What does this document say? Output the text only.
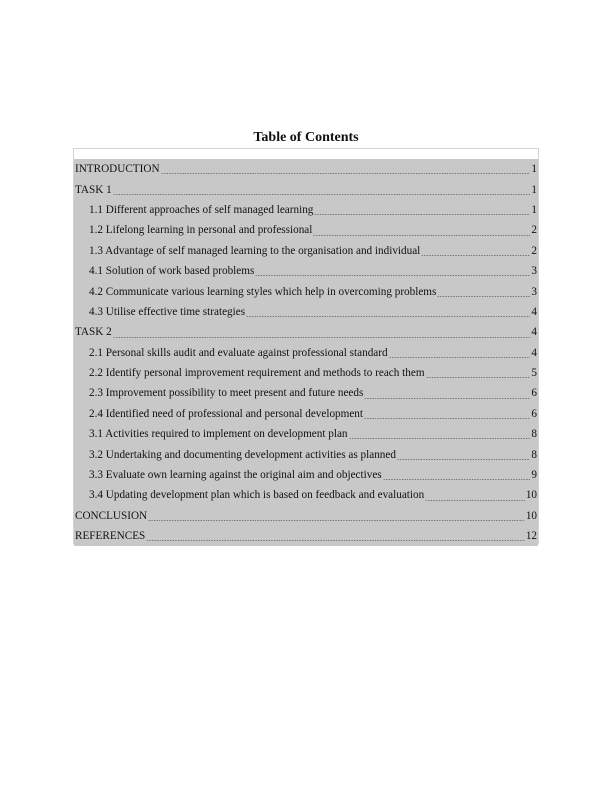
Table of Contents
INTRODUCTION	1
TASK 1	1
1.1 Different approaches of self managed learning	1
1.2 Lifelong learning in personal and professional	2
1.3 Advantage of self managed learning to the organisation and individual	2
4.1 Solution of work based problems	3
4.2 Communicate various learning styles which help in overcoming problems	3
4.3 Utilise effective time strategies	4
TASK 2	4
2.1 Personal skills audit and evaluate against professional standard	4
2.2 Identify personal improvement requirement and methods to reach them	5
2.3 Improvement possibility to meet present and future needs	6
2.4 Identified need of professional and personal development	6
3.1 Activities required to implement on development plan	8
3.2 Undertaking and documenting development activities as planned	8
3.3 Evaluate own learning against the original aim and objectives	9
3.4 Updating development plan which is based on feedback and evaluation	10
CONCLUSION	10
REFERENCES	12
